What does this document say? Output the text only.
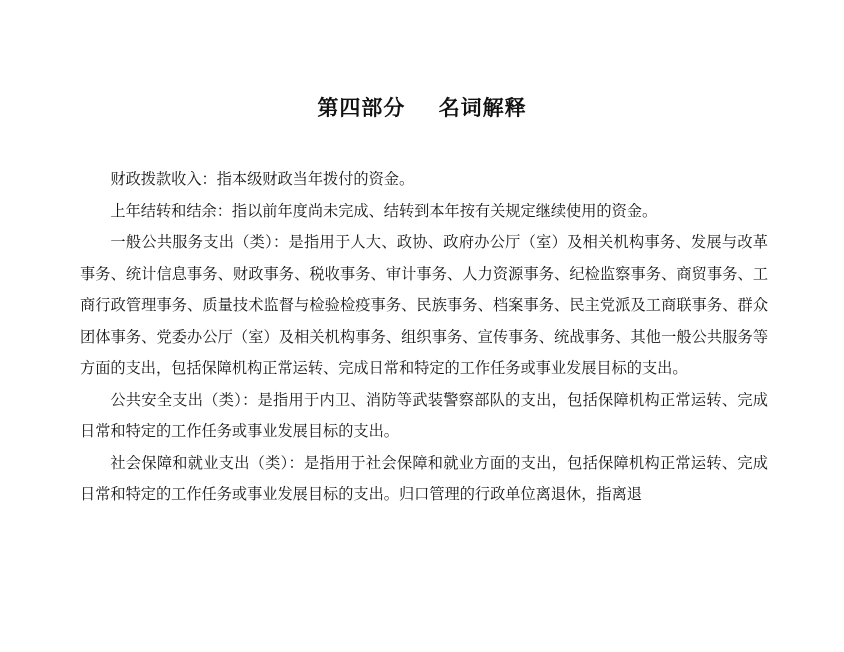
第四部分    名词解释

财政拨款收入：指本级财政当年拨付的资金。

上年结转和结余：指以前年度尚未完成、结转到本年按有关规定继续使用的资金。

一般公共服务支出（类）：是指用于人大、政协、政府办公厅（室）及相关机构事务、发展与改革事务、统计信息事务、财政事务、税收事务、审计事务、人力资源事务、纪检监察事务、商贸事务、工商行政管理事务、质量技术监督与检验检疫事务、民族事务、档案事务、民主党派及工商联事务、群众团体事务、党委办公厅（室）及相关机构事务、组织事务、宣传事务、统战事务、其他一般公共服务等方面的支出，包括保障机构正常运转、完成日常和特定的工作任务或事业发展目标的支出。

公共安全支出（类）：是指用于内卫、消防等武装警察部队的支出，包括保障机构正常运转、完成日常和特定的工作任务或事业发展目标的支出。

社会保障和就业支出（类）：是指用于社会保障和就业方面的支出，包括保障机构正常运转、完成日常和特定的工作任务或事业发展目标的支出。归口管理的行政单位离退休，指离退
